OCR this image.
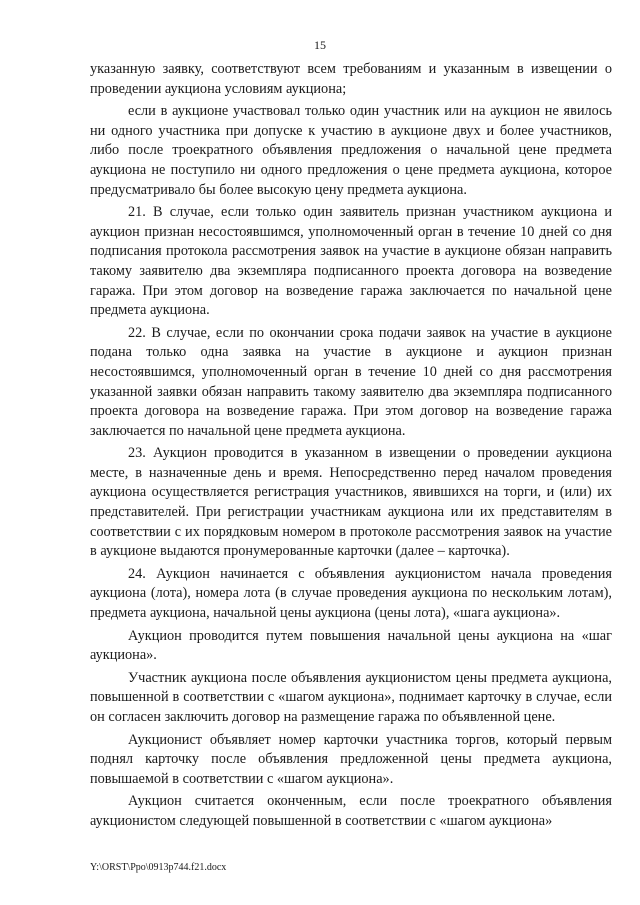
15

указанную заявку, соответствуют всем требованиям и указанным в извещении о проведении аукциона условиям аукциона;

если в аукционе участвовал только один участник или на аукцион не явилось ни одного участника при допуске к участию в аукционе двух и более участников, либо после троекратного объявления предложения о начальной цене предмета аукциона не поступило ни одного предложения о цене предмета аукциона, которое предусматривало бы более высокую цену предмета аукциона.

21. В случае, если только один заявитель признан участником аукциона и аукцион признан несостоявшимся, уполномоченный орган в течение 10 дней со дня подписания протокола рассмотрения заявок на участие в аукционе обязан направить такому заявителю два экземпляра подписанного проекта договора на возведение гаража. При этом договор на возведение гаража заключается по начальной цене предмета аукциона.

22. В случае, если по окончании срока подачи заявок на участие в аукционе подана только одна заявка на участие в аукционе и аукцион признан несостоявшимся, уполномоченный орган в течение 10 дней со дня рассмотрения указанной заявки обязан направить такому заявителю два экземпляра подписанного проекта договора на возведение гаража. При этом договор на возведение гаража заключается по начальной цене предмета аукциона.

23. Аукцион проводится в указанном в извещении о проведении аукциона месте, в назначенные день и время. Непосредственно перед началом проведения аукциона осуществляется регистрация участников, явившихся на торги, и (или) их представителей. При регистрации участникам аукциона или их представителям в соответствии с их порядковым номером в протоколе рассмотрения заявок на участие в аукционе выдаются пронумерованные карточки (далее – карточка).

24. Аукцион начинается с объявления аукционистом начала проведения аукциона (лота), номера лота (в случае проведения аукциона по нескольким лотам), предмета аукциона, начальной цены аукциона (цены лота), «шага аукциона».

Аукцион проводится путем повышения начальной цены аукциона на «шаг аукциона».

Участник аукциона после объявления аукционистом цены предмета аукциона, повышенной в соответствии с «шагом аукциона», поднимает карточку в случае, если он согласен заключить договор на размещение гаража по объявленной цене.

Аукционист объявляет номер карточки участника торгов, который первым поднял карточку после объявления предложенной цены предмета аукциона, повышаемой в соответствии с «шагом аукциона».

Аукцион считается оконченным, если после троекратного объявления аукционистом следующей повышенной в соответствии с «шагом аукциона»

Y:\ORST\Ppo\0913p744.f21.docx
